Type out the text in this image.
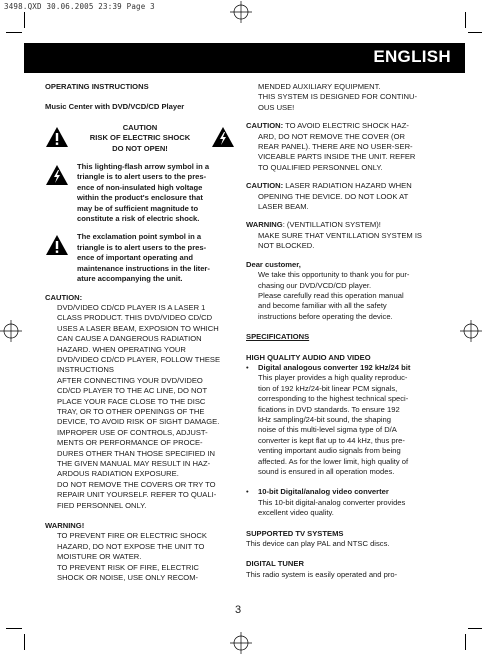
3498.QXD 30.06.2005 23:39 Page 3
ENGLISH

OPERATING INSTRUCTIONS

Music Center with DVD/VCD/CD Player

CAUTION

RISK OF ELECTRIC SHOCK

DO NOT OPEN!

This lighting-flash arrow symbol in a

triangle is to alert users to the pres-

ence of non-insulated high voltage

within the product's enclosure that

may be of sufficient magnitude to

constitute a risk of electric shock.

The exclamation point symbol in a

triangle is to alert users to the pres-

ence of important operating and

maintenance instructions in the liter-

ature accompanying the unit.

CAUTION:

DVD/VIDEO CD/CD PLAYER IS A LASER 1

CLASS PRODUCT. THIS DVD/VIDEO CD/CD

USES A LASER BEAM, EXPOSION TO WHICH

CAN CAUSE A DANGEROUS RADIATION

HAZARD. WHEN OPERATING YOUR

DVD/VIDEO CD/CD PLAYER, FOLLOW THESE

INSTRUCTIONS

AFTER CONNECTING YOUR DVD/VIDEO

CD/CD PLAYER TO THE AC LINE, DO NOT

PLACE YOUR FACE CLOSE TO THE DISC

TRAY, OR TO OTHER OPENINGS OF THE

DEVICE, TO AVOID RISK OF SIGHT DAMAGE.

IMPROPER USE OF CONTROLS, ADJUST-

MENTS OR PERFORMANCE OF PROCE-

DURES OTHER THAN THOSE SPECIFIED IN

THE GIVEN MANUAL MAY RESULT IN HAZ-

ARDOUS RADIATION EXPOSURE.

DO NOT REMOVE THE COVERS OR TRY TO

REPAIR UNIT YOURSELF. REFER TO QUALI-

FIED PERSONNEL ONLY.

WARNING!

TO PREVENT FIRE OR ELECTRIC SHOCK

HAZARD, DO NOT EXPOSE THE UNIT TO

MOISTURE OR WATER.

TO PREVENT RISK OF FIRE, ELECTRIC

SHOCK OR NOISE, USE ONLY RECOM-

MENDED AUXILIARY EQUIPMENT.

THIS SYSTEM IS DESIGNED FOR CONTINU-

OUS USE!

CAUTION: TO AVOID ELECTRIC SHOCK HAZ-

ARD, DO NOT REMOVE THE COVER (OR

REAR PANEL). THERE ARE NO USER-SER-

VICEABLE PARTS INSIDE THE UNIT. REFER

TO QUALIFIED PERSONNEL ONLY.

CAUTION: LASER RADIATION HAZARD WHEN

OPENING THE DEVICE. DO NOT LOOK AT

LASER BEAM.

WARNING: (VENTILLATION SYSTEM)!

MAKE SURE THAT VENTILLATION SYSTEM IS

NOT BLOCKED.

Dear customer,

We take this opportunity to thank you for pur-

chasing our DVD/VCD/CD player.

Please carefully read this operation manual

and become familiar with all the safety

instructions before operating the device.

SPECIFICATIONS

HIGH QUALITY AUDIO AND VIDEO

•	Digital analogous converter 192 kHz/24 bit

This player provides a high quality reproduc-

tion of 192 kHz/24-bit linear PCM signals,

corresponding to the highest technical speci-

fications in DVD standards. To ensure 192

kHz sampling/24-bit sound, the shaping

noise of this multi-level sigma type of D/A

converter is kept flat up to 44 kHz, thus pre-

venting important audio signals from being

affected. As for the lower limit, high quality of

sound is ensured in all operation modes.

•	10-bit Digital/analog video converter

This 10-bit digital-analog converter provides

excellent video quality.

SUPPORTED TV SYSTEMS

This device can play PAL and NTSC discs.

DIGITAL TUNER

This radio system is easily operated and pro-

3
